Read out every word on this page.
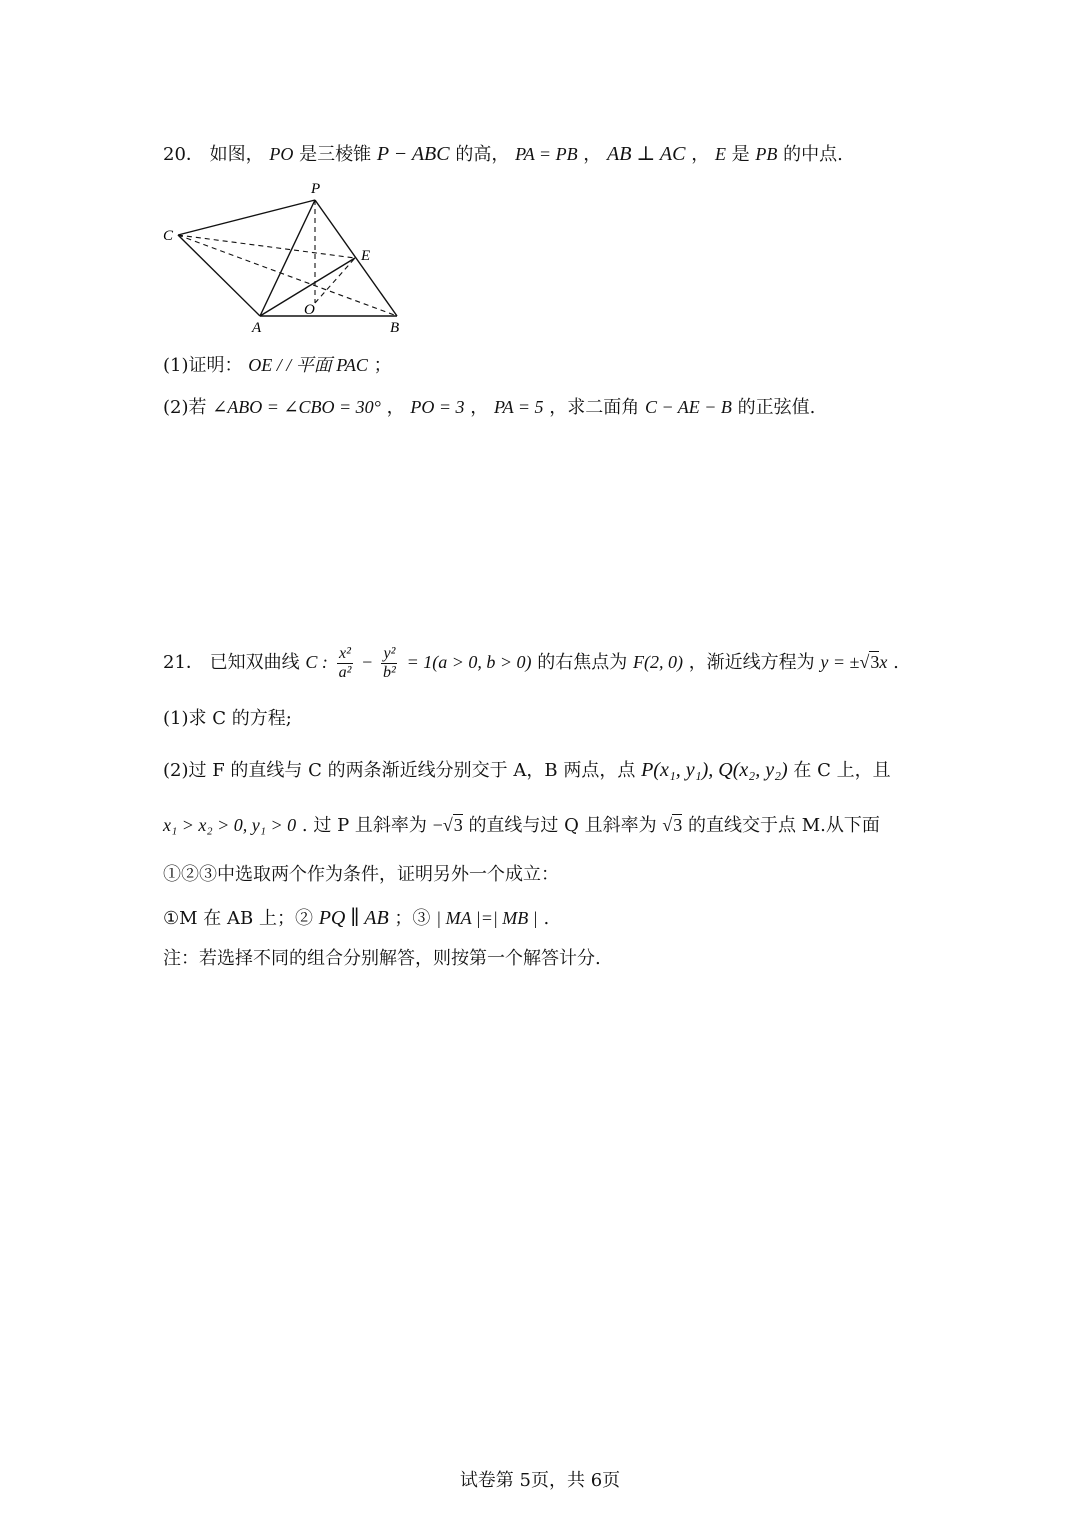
20． 如图， PO 是三棱锥 P − ABC 的高， PA = PB ， AB ⊥ AC ， E 是 PB 的中点.
P
C
E
O
A	B
(1)证明： OE / / 平面 PAC ；
(2)若 ∠ABO = ∠CBO = 30° ， PO = 3 ， PA = 5 ，求二面角 C − AE − B 的正弦值.
21． 已知双曲线 C : $\frac{\text{x²}}{\text{a²}} - \frac{\text{y²}}{\text{b²}} = 1(a > 0$, b > 0) 的右焦点为 F(2, 0) ，渐近线方程为 y = ±√3x .
(1)求 C 的方程;
(2)过 F 的直线与 C 的两条渐近线分别交于 A，B 两点，点 P(x₁, y₁), Q(x₂, y₂) 在 C 上，且
x₁ > x₂ > 0, y₁ > 0 . 过 P 且斜率为 −√3 的直线与过 Q 且斜率为 √3 的直线交于点 M.从下面
①②③中选取两个作为条件，证明另外一个成立：
①M 在 AB 上；② PQ ∥ AB ；③ | MA |=| MB | .
注：若选择不同的组合分别解答，则按第一个解答计分.
试卷第 5页，共 6页
